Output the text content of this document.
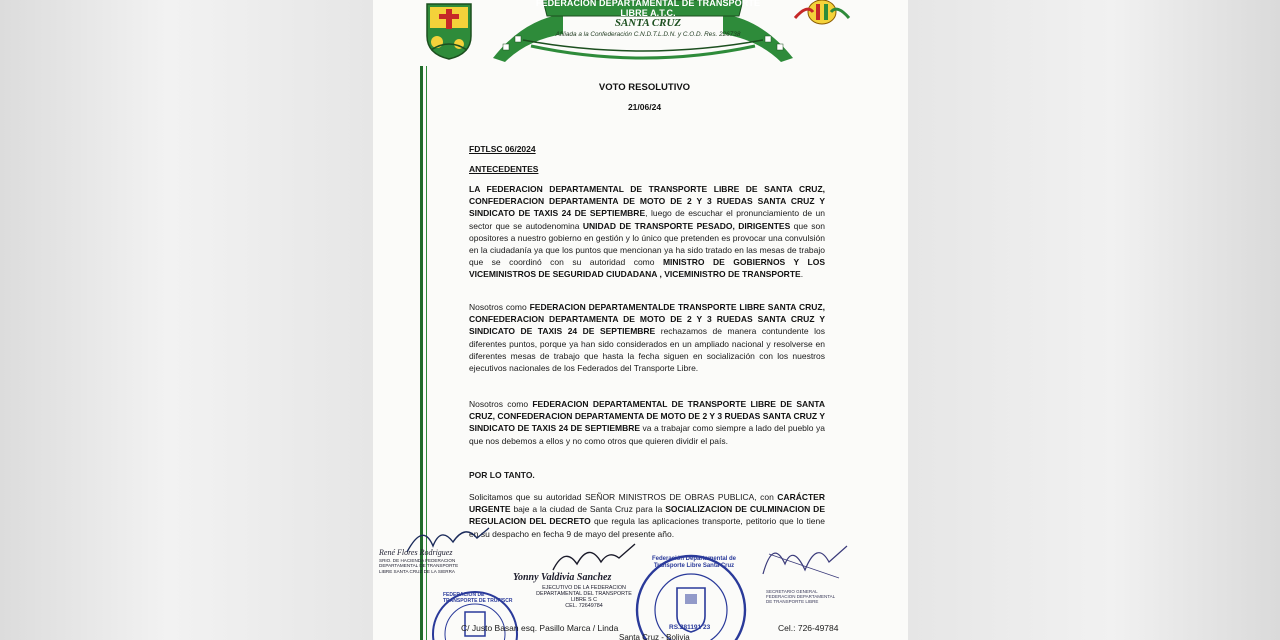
FEDERACION DEPARTAMENTAL DE TRANSPORTE LIBRE A.T.C.
SANTA CRUZ
Afiliada a la Confederación C.N.D.T.L.D.N. y C.O.D. Res. 226738
VOTO RESOLUTIVO
21/06/24
FDTLSC 06/2024
ANTECEDENTES

LA FEDERACION DEPARTAMENTAL DE TRANSPORTE LIBRE DE SANTA CRUZ, CONFEDERACION DEPARTAMENTA DE MOTO DE 2 Y 3 RUEDAS SANTA CRUZ Y SINDICATO DE TAXIS 24 DE SEPTIEMBRE, luego de escuchar el pronunciamiento de un sector que se autodenomina UNIDAD DE TRANSPORTE PESADO, DIRIGENTES que son opositores a nuestro gobierno en gestión y lo único que pretenden es provocar una convulsión en la ciudadanía ya que los puntos que mencionan ya ha sido tratado en las mesas de trabajo que se coordinó con su autoridad como MINISTRO DE GOBIERNOS Y LOS VICEMINISTROS DE SEGURIDAD CIUDADANA , VICEMINISTRO DE TRANSPORTE.

Nosotros como FEDERACION DEPARTAMENTALDE TRANSPORTE LIBRE SANTA CRUZ, CONFEDERACION DEPARTAMENTA DE MOTO DE 2 Y 3 RUEDAS SANTA CRUZ Y SINDICATO DE TAXIS 24 DE SEPTIEMBRE rechazamos de manera contundente los diferentes puntos, porque ya han sido considerados en un ampliado nacional y resolverse en diferentes mesas de trabajo que hasta la fecha siguen en socialización con los nuestros ejecutivos nacionales de los Federados del Transporte Libre.

Nosotros como FEDERACION DEPARTAMENTAL DE TRANSPORTE LIBRE DE SANTA CRUZ, CONFEDERACION DEPARTAMENTA DE MOTO DE 2 Y 3 RUEDAS SANTA CRUZ Y SINDICATO DE TAXIS 24 DE SEPTIEMBRE va a trabajar como siempre a lado del pueblo ya que nos debemos a ellos y no como otros que quieren dividir el país.

POR LO TANTO.

Solicitamos que su autoridad SEÑOR MINISTROS DE OBRAS PUBLICA, con CARÁCTER URGENTE baje a la ciudad de Santa Cruz para la SOCIALIZACION DE CULMINACION DE REGULACION DEL DECRETO que regula las aplicaciones transporte, petitorio que lo tiene en su despacho en fecha 9 de mayo del presente año.

René Flores Rodriguez
SRIO. DE HACIENDA FEDERACION DEPARTAMENTAL DE TRANSPORTE LIBRE SANTA CRUZ DE LA SIERRA
Yonny Valdivia Sanchez
EJECUTIVO DE LA FEDERACION DEPARTAMENTAL DEL TRANSPORTE LIBRE S C
CEL. 72649784
FEDERACION DE TRANSPORTE DE TRUFISCR
Federación Departamental de Transporte Libre Santa Cruz
RS.281191 23
SECRETARIO GENERAL FEDERACION DEPARTAMENTAL DE TRANSPORTE LIBRE
C/ Justo Basan esq. Pasillo Marca / Linda	Cel.: 726-49784
Santa Cruz - Bolivia
